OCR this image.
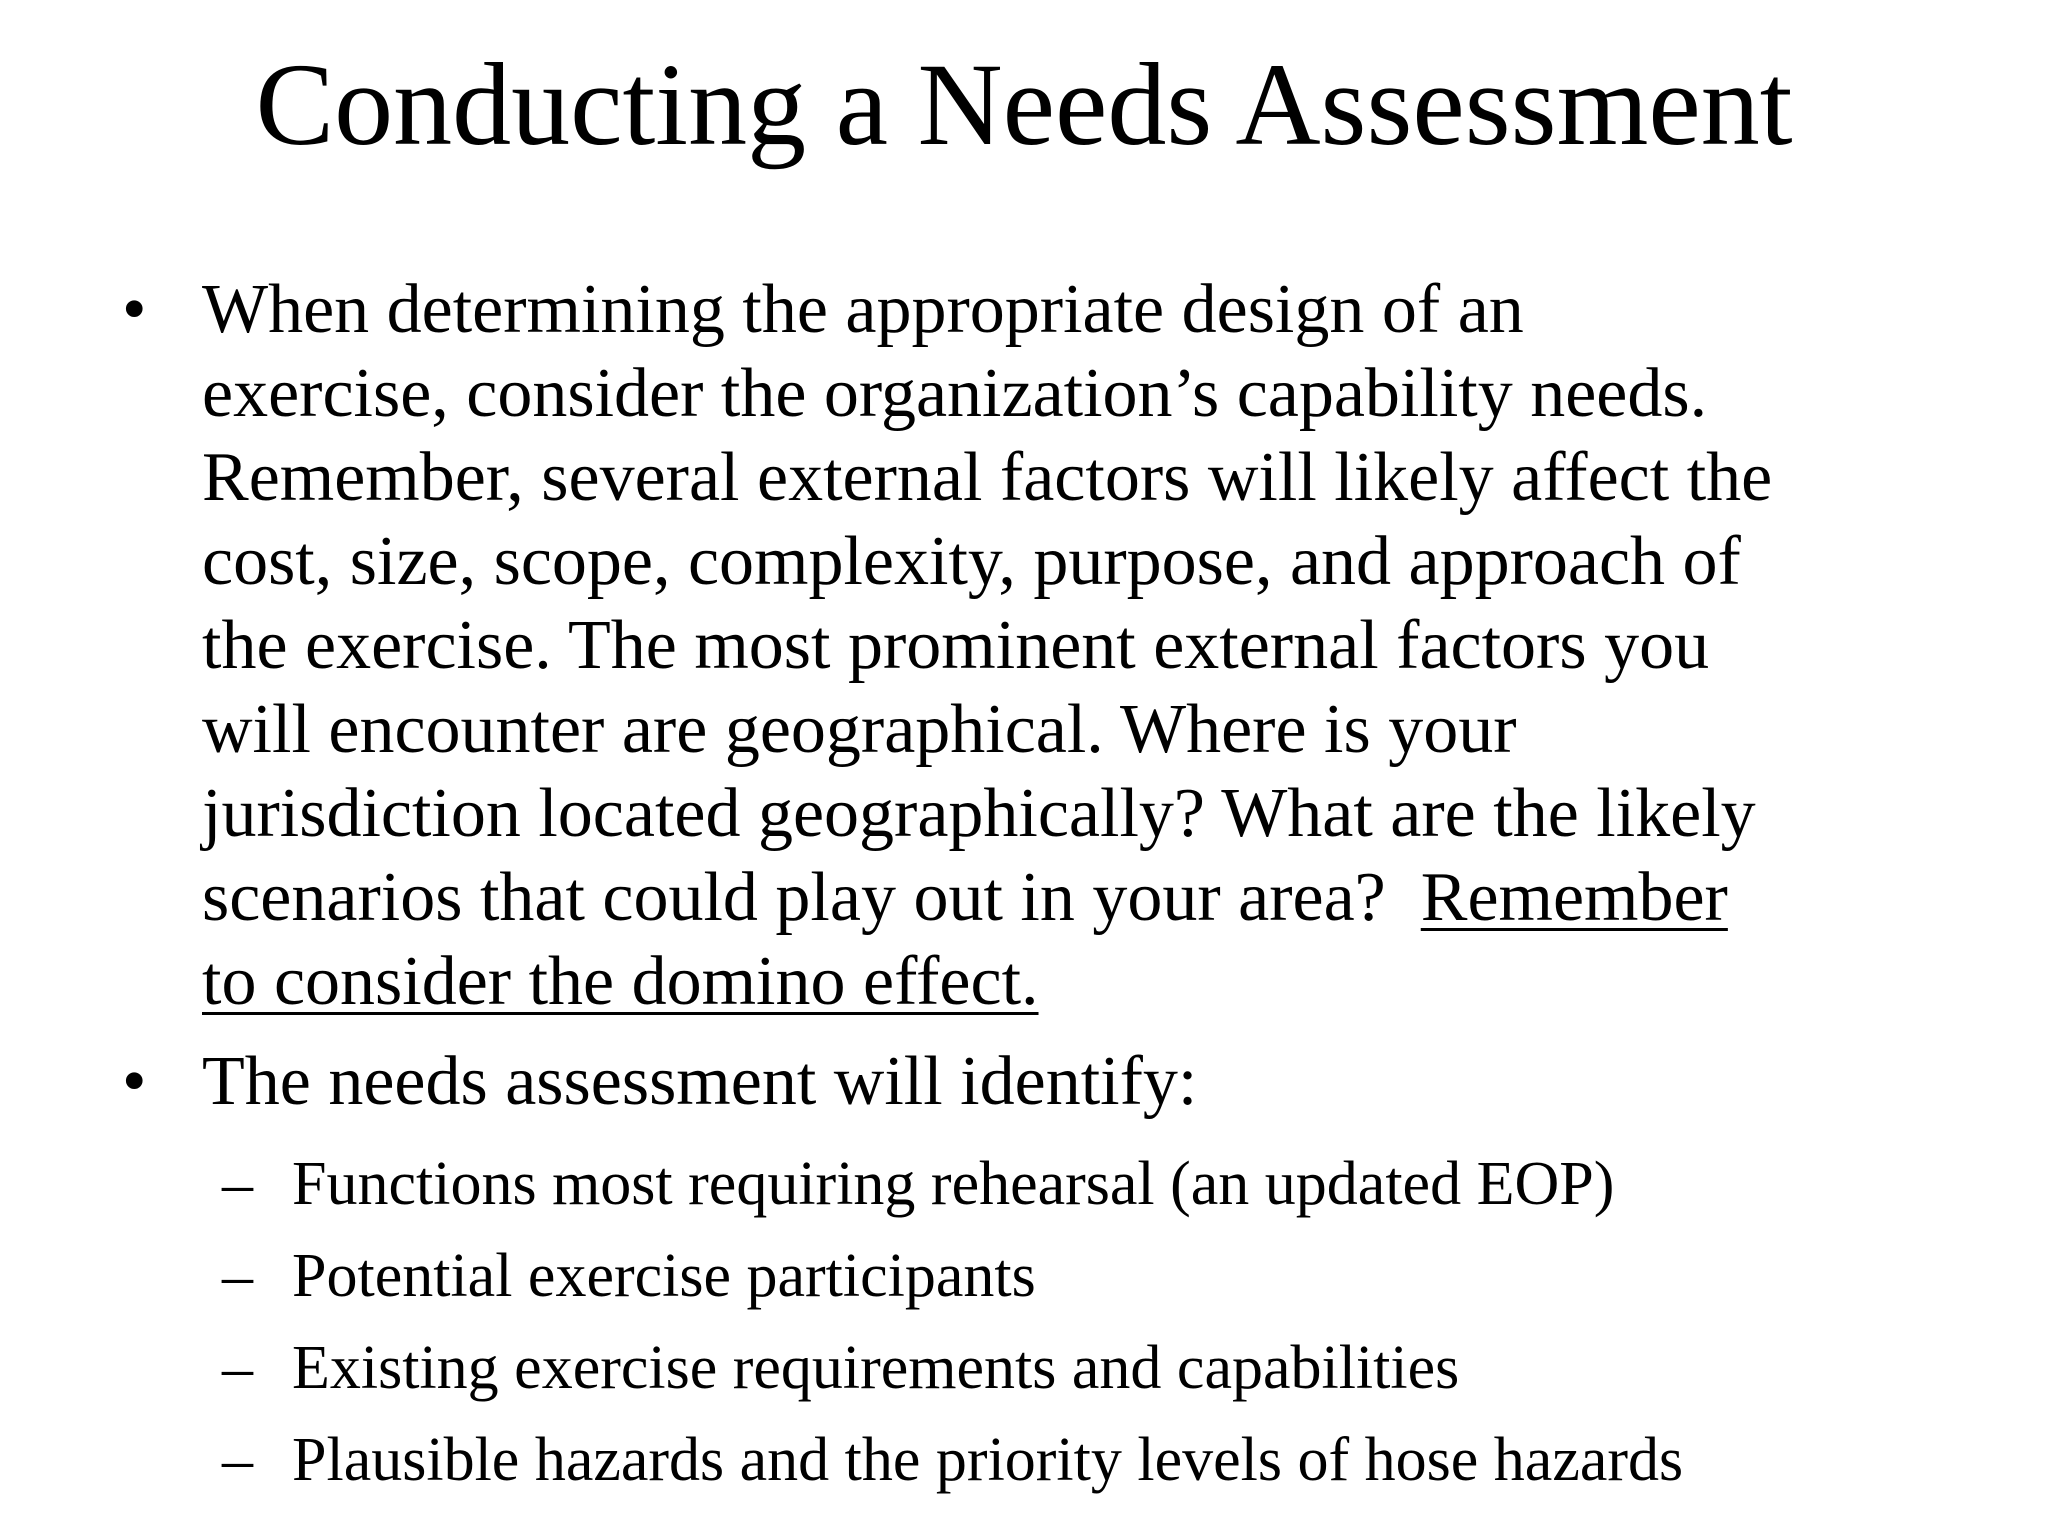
Conducting a Needs Assessment
• When determining the appropriate design of an
exercise, consider the organization’s capability needs.
Remember, several external factors will likely affect the
cost, size, scope, complexity, purpose, and approach of
the exercise. The most prominent external factors you
will encounter are geographical. Where is your
jurisdiction located geographically? What are the likely
scenarios that could play out in your area?  Remember
to consider the domino effect.
• The needs assessment will identify:
– Functions most requiring rehearsal (an updated EOP)
– Potential exercise participants
– Existing exercise requirements and capabilities
– Plausible hazards and the priority levels of hose hazards
